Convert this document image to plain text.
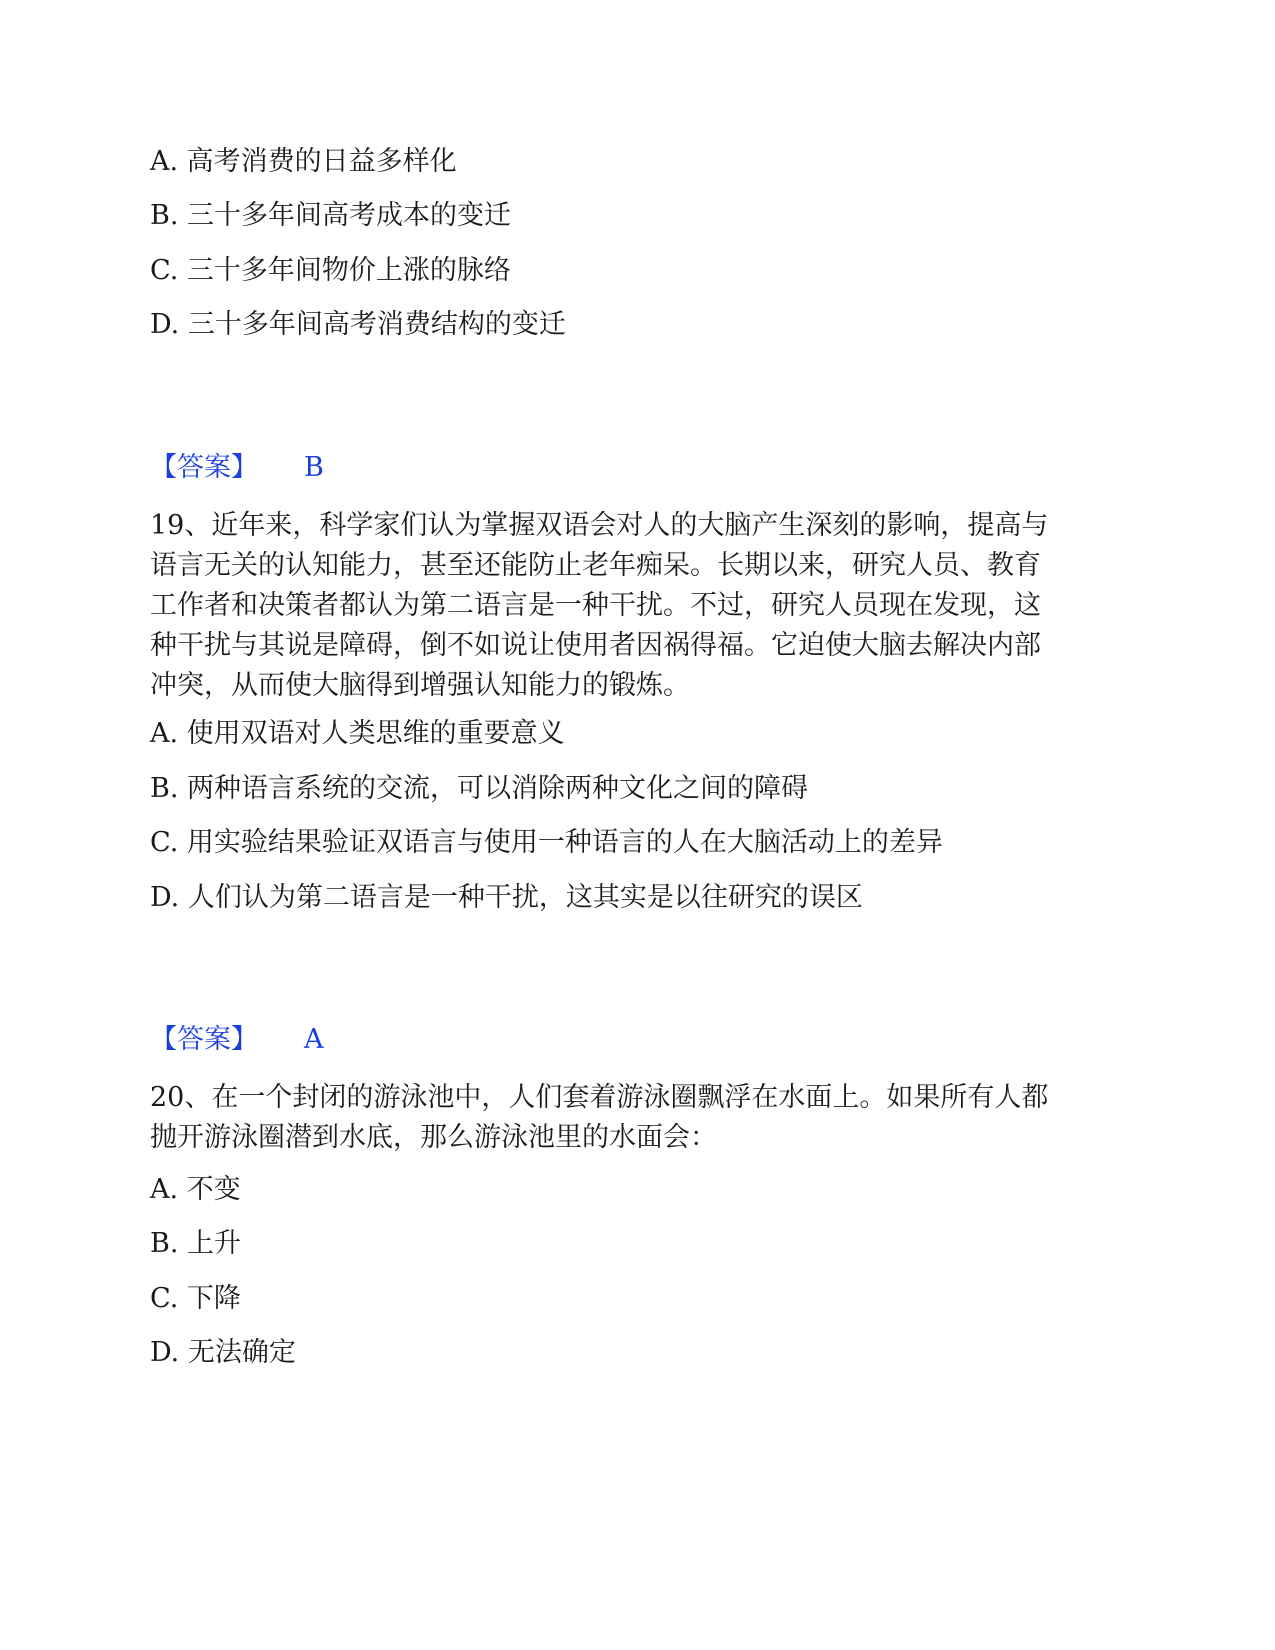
A. 高考消费的日益多样化
B. 三十多年间高考成本的变迁
C. 三十多年间物价上涨的脉络
D. 三十多年间高考消费结构的变迁
【答案】 B
19、近年来，科学家们认为掌握双语会对人的大脑产生深刻的影响，提高与
语言无关的认知能力，甚至还能防止老年痴呆。长期以来，研究人员、教育
工作者和决策者都认为第二语言是一种干扰。不过，研究人员现在发现，这
种干扰与其说是障碍，倒不如说让使用者因祸得福。它迫使大脑去解决内部
冲突，从而使大脑得到增强认知能力的锻炼。
A. 使用双语对人类思维的重要意义
B. 两种语言系统的交流，可以消除两种文化之间的障碍
C. 用实验结果验证双语言与使用一种语言的人在大脑活动上的差异
D. 人们认为第二语言是一种干扰，这其实是以往研究的误区
【答案】 A
20、在一个封闭的游泳池中，人们套着游泳圈飘浮在水面上。如果所有人都
抛开游泳圈潜到水底，那么游泳池里的水面会：
A. 不变
B. 上升
C. 下降
D. 无法确定
